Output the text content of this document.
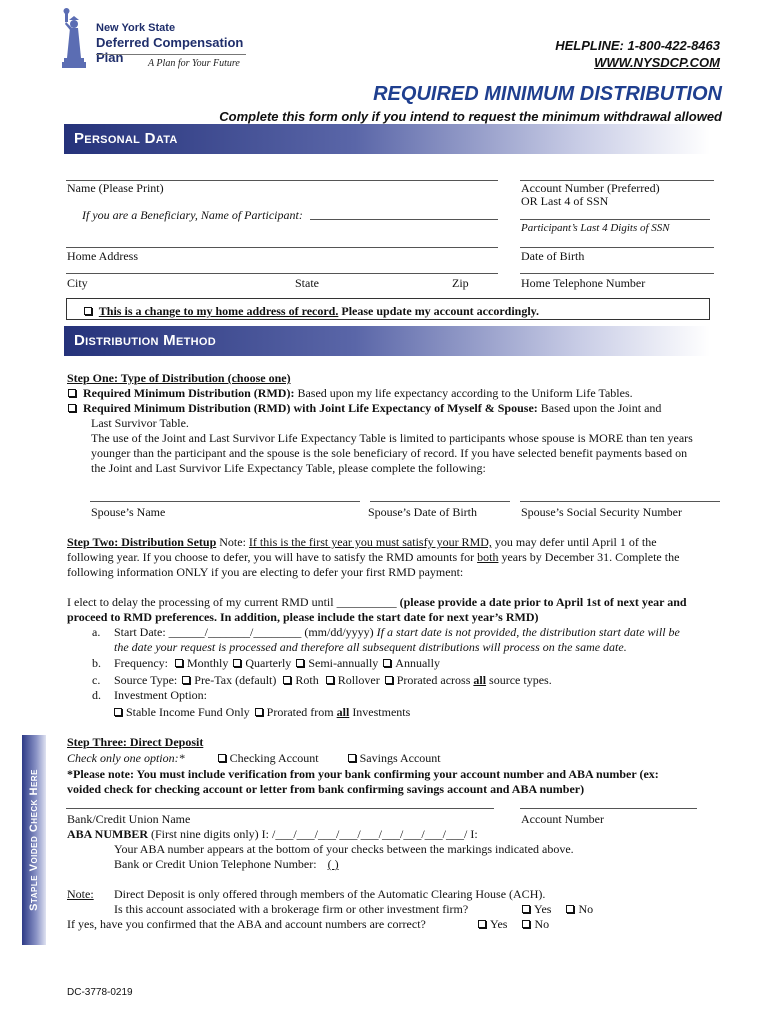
New York State
Deferred Compensation Plan	A Plan for Your Future
HELPLINE: 1-800-422-8463
WWW.NYSDCP.COM
REQUIRED MINIMUM DISTRIBUTION
Complete this form only if you intend to request the minimum withdrawal allowed
Personal Data
Name (Please Print)	Account Number (Preferred)
OR Last 4 of SSN
If you are a Beneficiary, Name of Participant:
Participant’s Last 4 Digits of SSN
Home Address	Date of Birth
City	State	Zip	Home Telephone Number
This is a change to my home address of record. Please update my account accordingly.
Distribution Method
Step One: Type of Distribution (choose one)
Required Minimum Distribution (RMD): Based upon my life expectancy according to the Uniform Life Tables.
Required Minimum Distribution (RMD) with Joint Life Expectancy of Myself & Spouse: Based upon the Joint and
Last Survivor Table.
The use of the Joint and Last Survivor Life Expectancy Table is limited to participants whose spouse is MORE than ten years
younger than the participant and the spouse is the sole beneficiary of record. If you have selected benefit payments based on
the Joint and Last Survivor Life Expectancy Table, please complete the following:
Spouse’s Name	Spouse’s Date of Birth	Spouse’s Social Security Number
Step Two: Distribution Setup Note: If this is the first year you must satisfy your RMD, you may defer until April 1 of the
following year. If you choose to defer, you will have to satisfy the RMD amounts for both years by December 31. Complete the
following information ONLY if you are electing to defer your first RMD payment:
I elect to delay the processing of my current RMD until __________ (please provide a date prior to April 1st of next year and
proceed to RMD preferences. In addition, please include the start date for next year’s RMD)
a. Start Date: ______/_______/________ (mm/dd/yyyy) If a start date is not provided, the distribution start date will be
the date your request is processed and therefore all subsequent distributions will process on the same date.
b. Frequency: Monthly Quarterly Semi-annually Annually
c. Source Type: Pre-Tax (default) Roth Rollover Prorated across all source types.
d. Investment Option:
Stable Income Fund Only Prorated from all Investments
Staple Voided Check Here
Step Three: Direct Deposit
Check only one option:*	Checking Account	Savings Account
*Please note: You must include verification from your bank confirming your account number and ABA number (ex:
voided check for checking account or letter from bank confirming savings account and ABA number)
Bank/Credit Union Name	Account Number
ABA NUMBER (First nine digits only) I: /___/___/___/___/___/___/___/___/___/ I:
Your ABA number appears at the bottom of your checks between the markings indicated above.
Bank or Credit Union Telephone Number: ( )
Note: Direct Deposit is only offered through members of the Automatic Clearing House (ACH).
Is this account associated with a brokerage firm or other investment firm?	Yes No
If yes, have you confirmed that the ABA and account numbers are correct?	Yes No
DC-3778-0219
